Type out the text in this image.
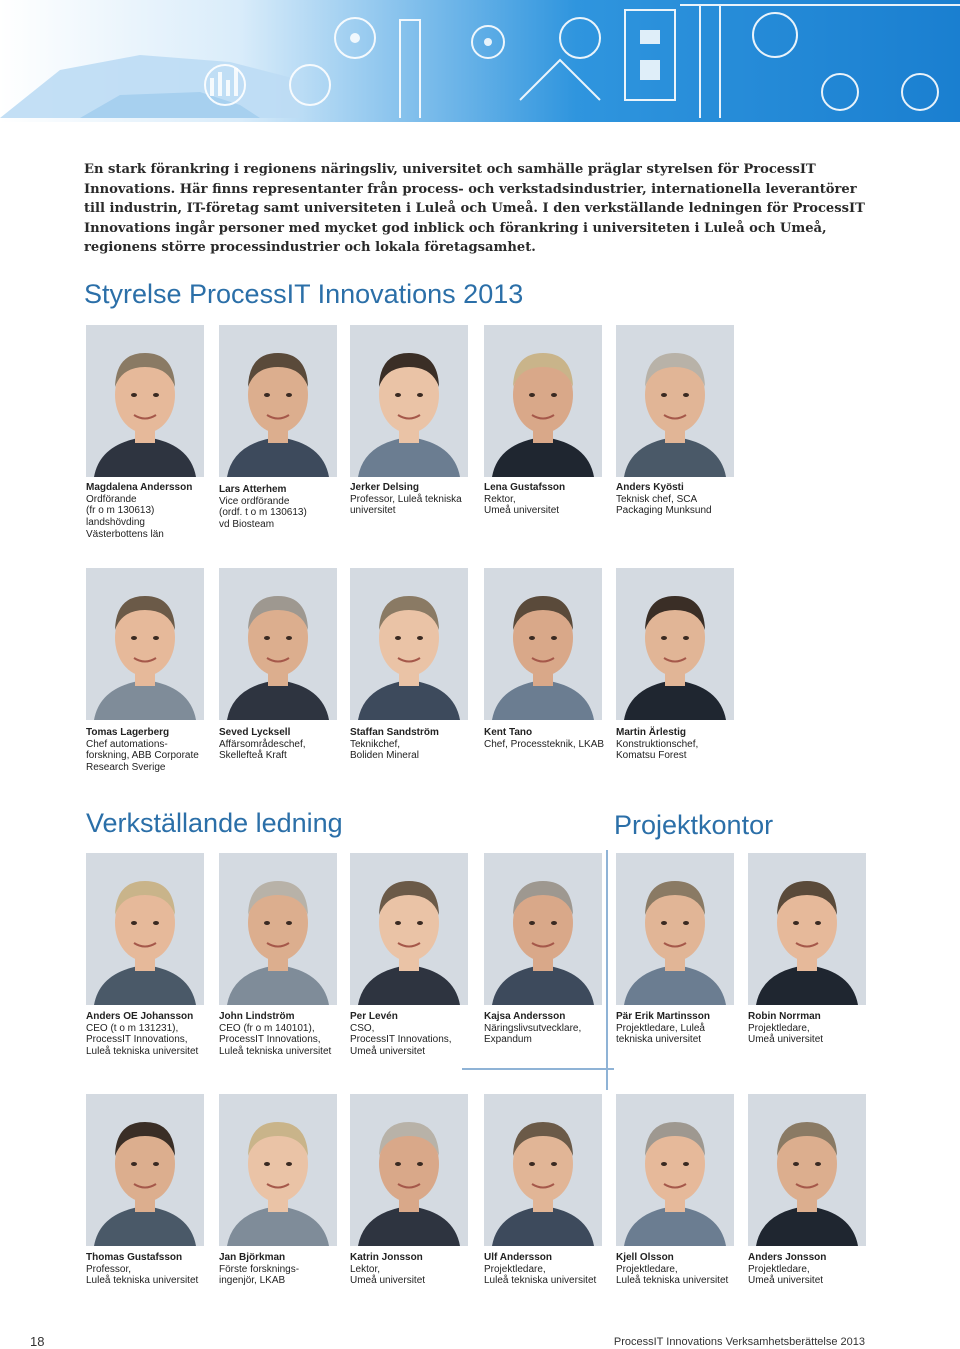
En stark förankring i regionens näringsliv, universitet och samhälle präglar styrelsen för ProcessIT Innovations. Här finns representanter från process- och verkstadsindustrier, internationella leverantörer till industrin, IT-företag samt universiteten i Luleå och Umeå. I den verkställande ledningen för ProcessIT Innovations ingår personer med mycket god inblick och förankring i universiteten i Luleå och Umeå, regionens större processindustrier och lokala företagsamhet.

Styrelse ProcessIT Innovations 2013
Verkställande ledning	Projektkontor
Magdalena Andersson
Ordförande
(fr o m 130613)
landshövding
Västerbottens län
Lars Atterhem
Vice ordförande
(ordf. t o m 130613)
vd Biosteam
Jerker Delsing
Professor, Luleå tekniska
universitet
Lena Gustafsson
Rektor,
Umeå universitet
Anders Kyösti
Teknisk chef, SCA
Packaging Munksund
Tomas Lagerberg
Chef automations-
forskning, ABB Corporate
Research Sverige
Seved Lycksell
Affärsområdeschef,
Skellefteå Kraft
Staffan Sandström
Teknikchef,
Boliden Mineral
Kent Tano
Chef, Processteknik, LKAB
Martin Ärlestig
Konstruktionschef,
Komatsu Forest
Anders OE Johansson
CEO (t o m 131231),
ProcessIT Innovations,
Luleå tekniska universitet
John Lindström
CEO (fr o m 140101),
ProcessIT Innovations,
Luleå tekniska universitet
Per Levén
CSO,
ProcessIT Innovations,
Umeå universitet
Kajsa Andersson
Näringslivsutvecklare,
Expandum
Pär Erik Martinsson
Projektledare, Luleå
tekniska universitet
Robin Norrman
Projektledare,
Umeå universitet
Thomas Gustafsson
Professor,
Luleå tekniska universitet
Jan Björkman
Förste forsknings-
ingenjör, LKAB
Katrin Jonsson
Lektor,
Umeå universitet
Ulf Andersson
Projektledare,
Luleå tekniska universitet
Kjell Olsson
Projektledare,
Luleå tekniska universitet
Anders Jonsson
Projektledare,
Umeå universitet
18	ProcessIT Innovations Verksamhetsberättelse 2013
